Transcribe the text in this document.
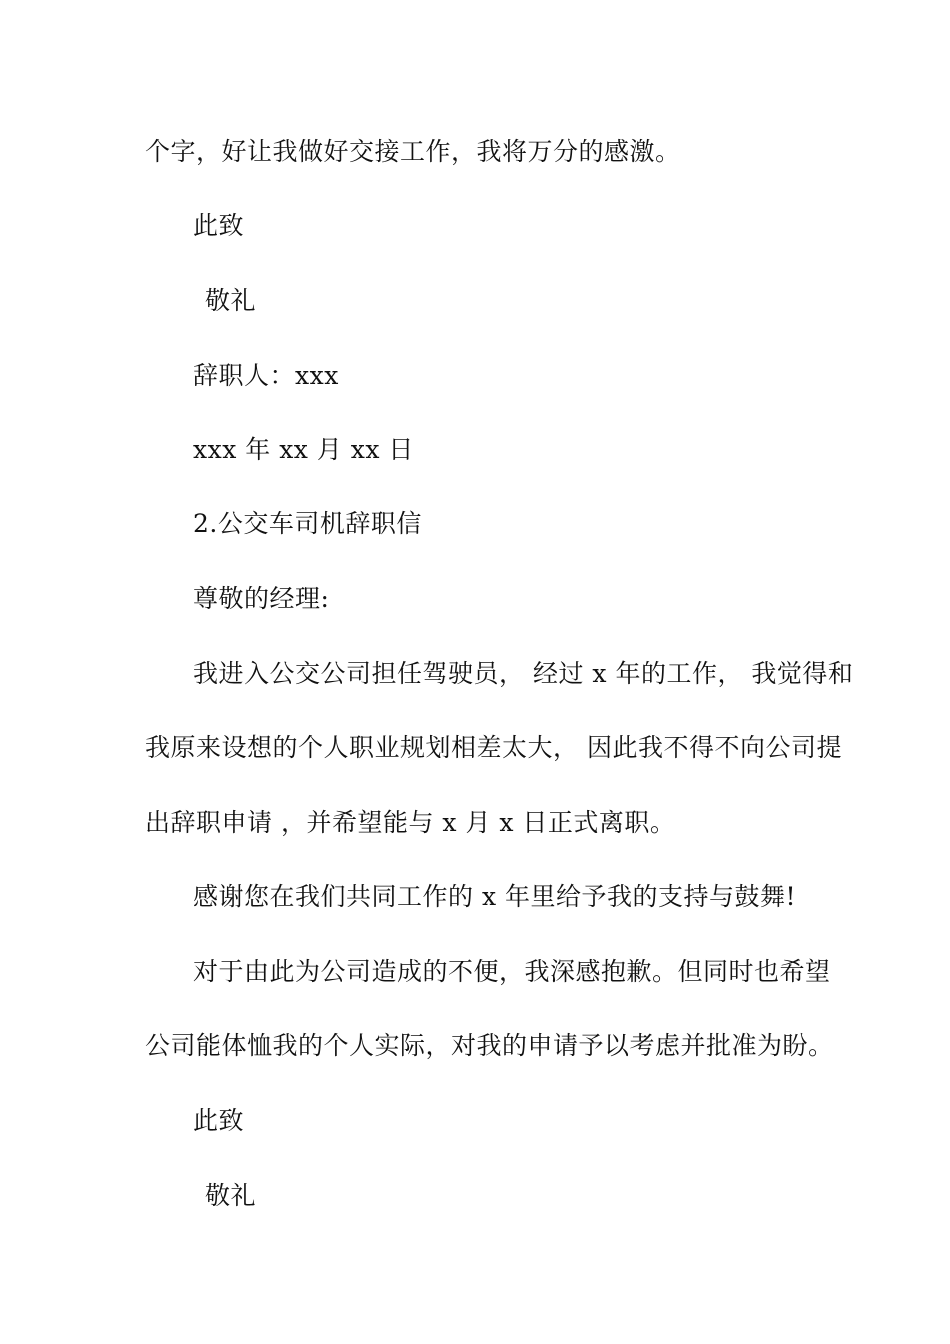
个字，好让我做好交接工作，我将万分的感激。

此致

敬礼

辞职人：xxx

xxx 年 xx 月 xx 日

2.公交车司机辞职信

尊敬的经理:

我进入公交公司担任驾驶员， 经过 x 年的工作， 我觉得和

我原来设想的个人职业规划相差太大， 因此我不得不向公司提

出辞职申请 ，并希望能与 x 月 x 日正式离职。

感谢您在我们共同工作的 x 年里给予我的支持与鼓舞!

对于由此为公司造成的不便，我深感抱歉。但同时也希望

公司能体恤我的个人实际，对我的申请予以考虑并批准为盼。

此致

敬礼
